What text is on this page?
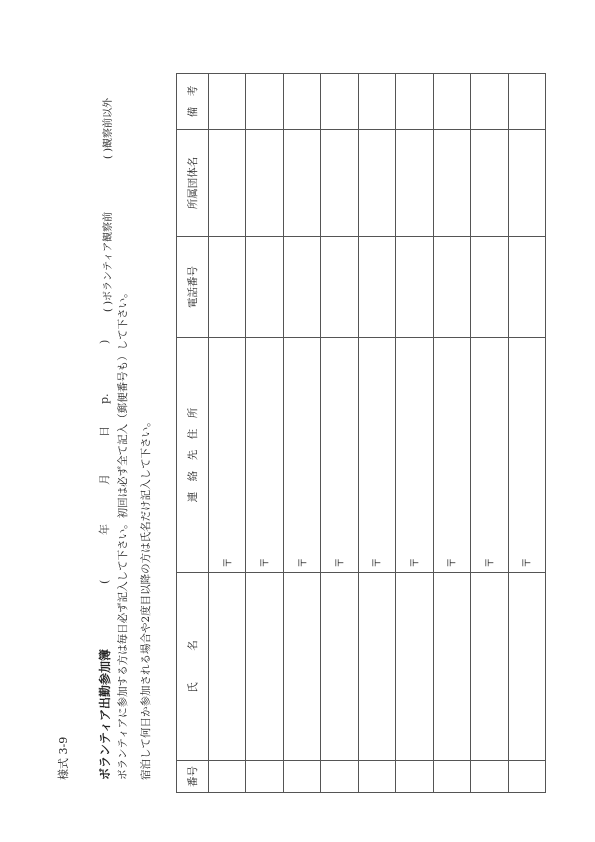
様式 3-9 ボランティア出勤参加簿
(
年
月
日
p.
)
( )ボランティア観察前
( )観察前以外
ボランティアに参加する方は毎日必ず記入して下さい。初回は必ず全て記入（郵便番号も）して下さい。 宿泊して何日か参加される場合や2度目以降の方は氏名だけ記入して下さい。	番号	氏　　　名	連　絡　先　住　所	電話番号	所属団体名	備　考
		〒			
		〒			
		〒			
		〒			
		〒			
		〒			
		〒			
		〒			
		〒			
